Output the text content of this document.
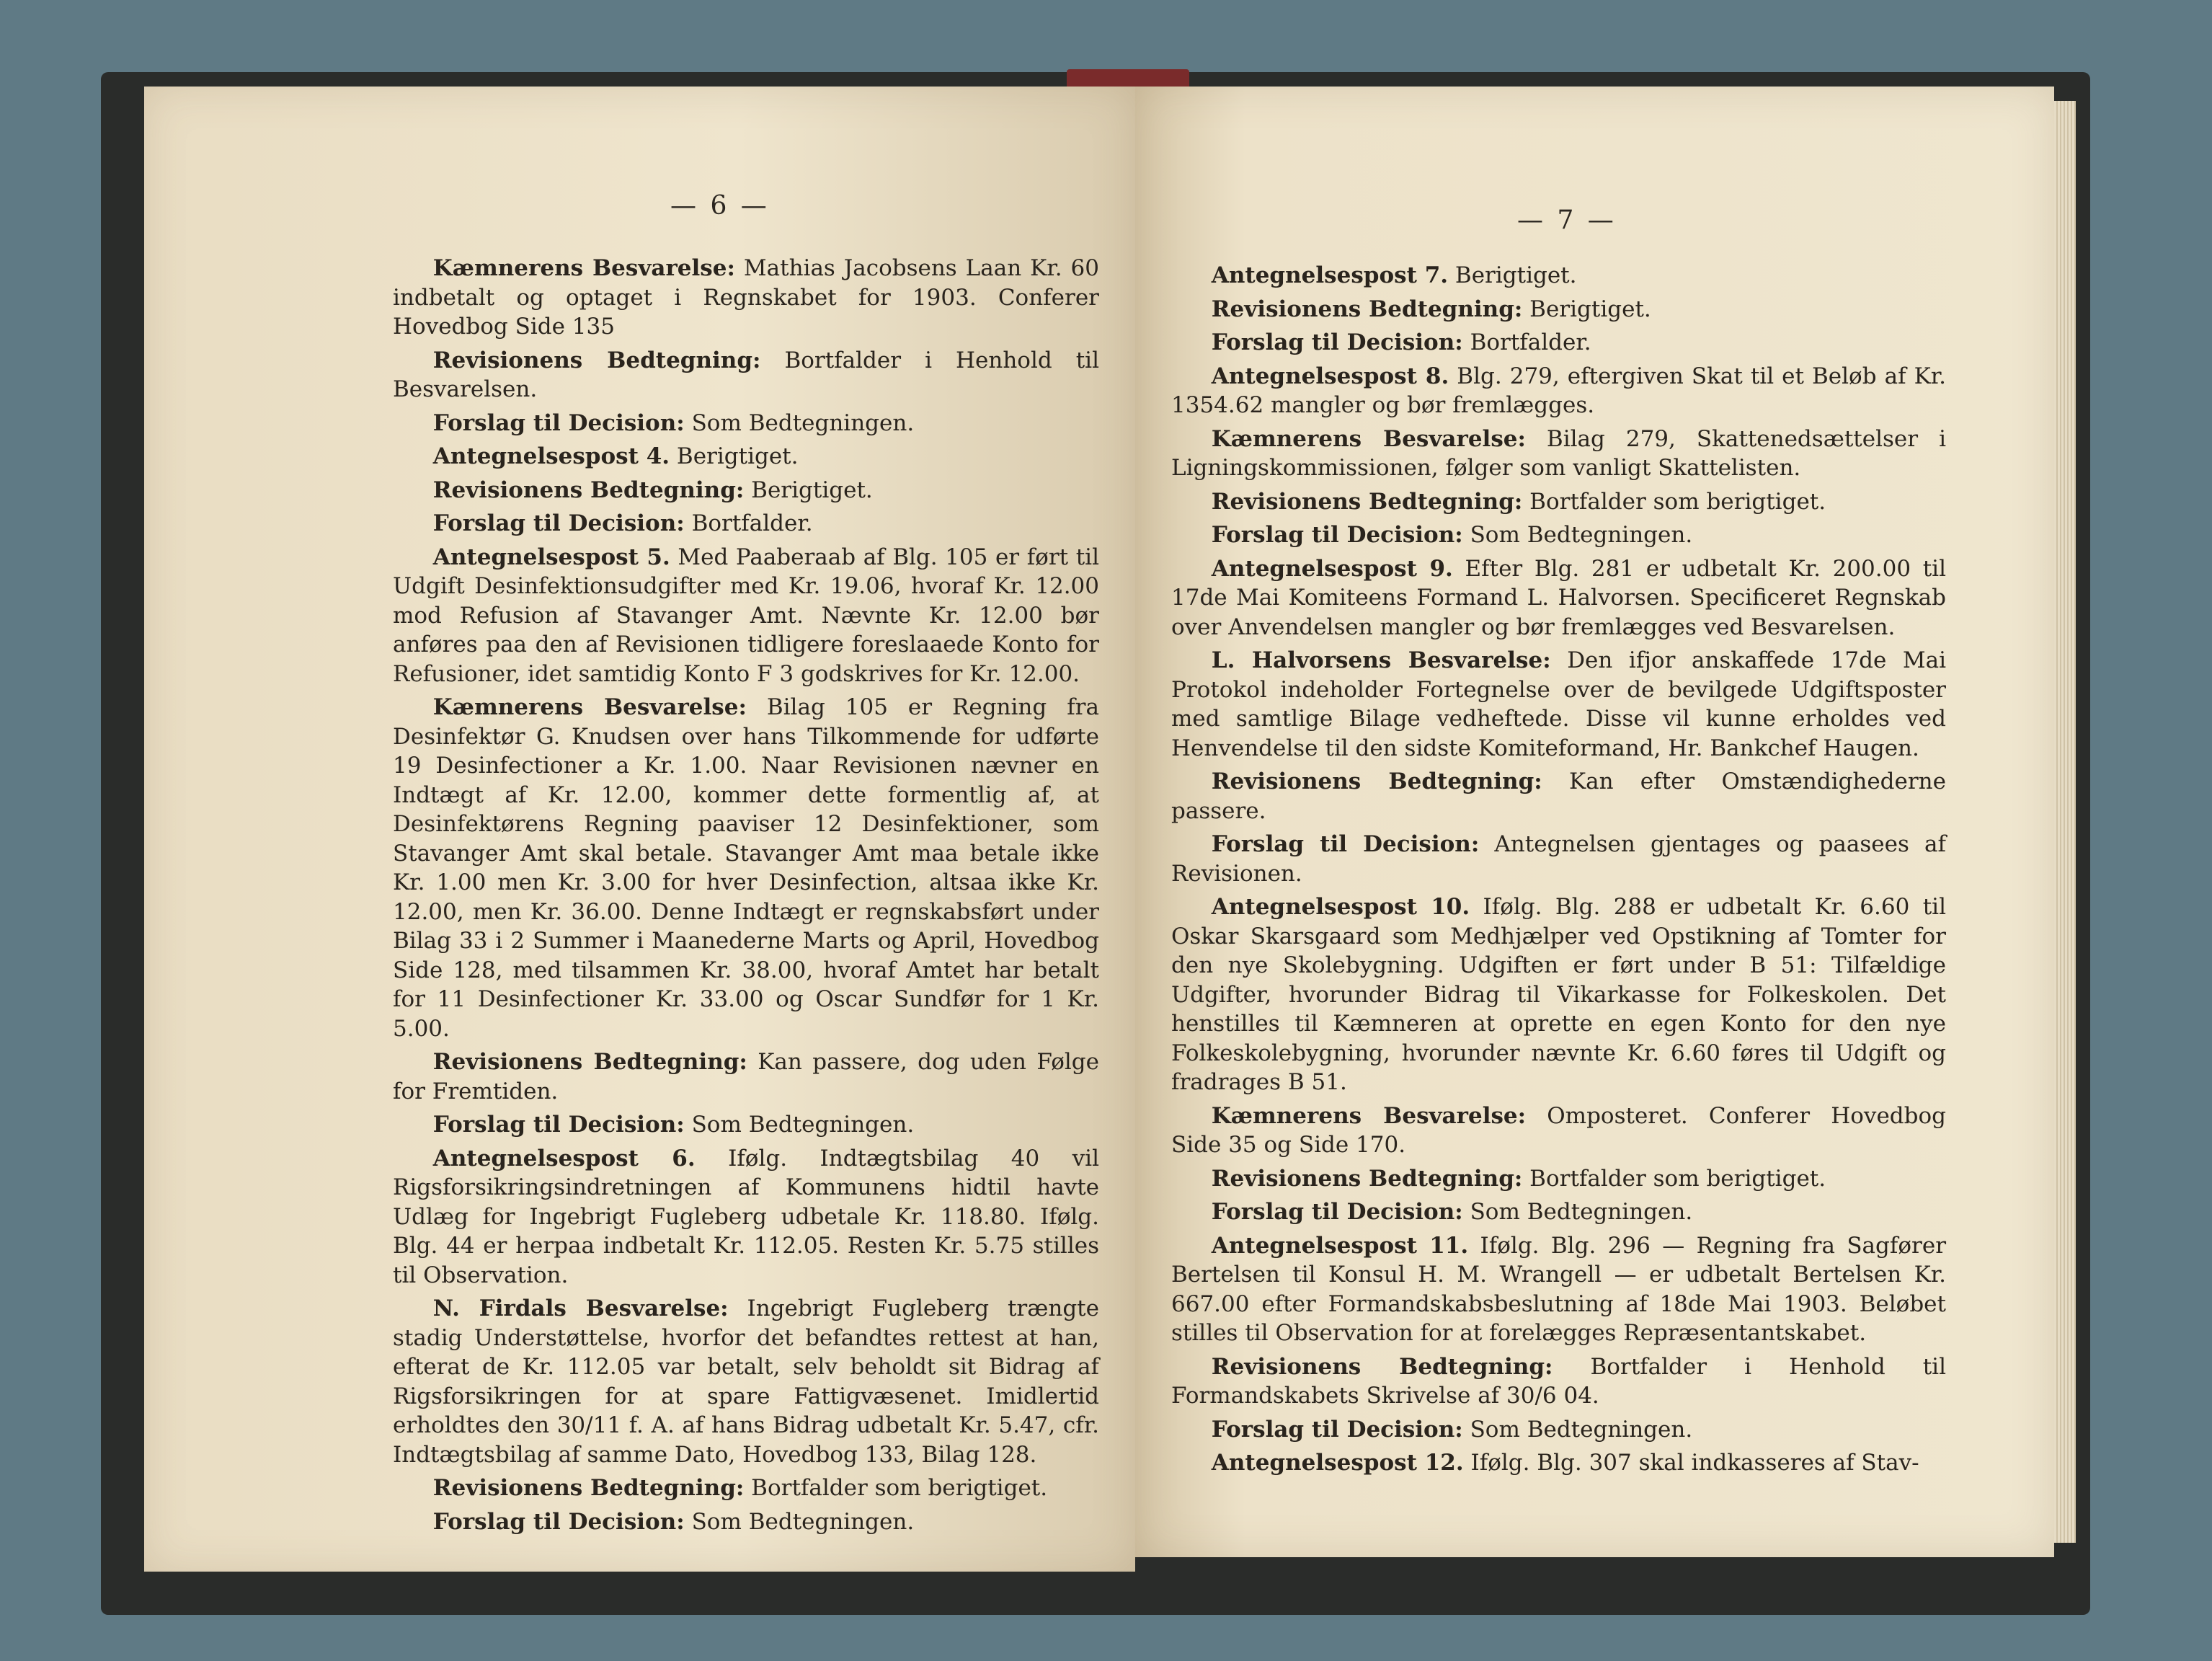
— 6 —	— 7 —
Kæmnerens Besvarelse: Mathias Jacobsens Laan Kr. 60 indbetalt og optaget i Regnskabet for 1903. Conferer Hovedbog Side 135
Revisionens Bedtegning: Bortfalder i Henhold til Besvarelsen.
Forslag til Decision: Som Bedtegningen.
Antegnelsespost 4. Berigtiget.
Revisionens Bedtegning: Berigtiget.
Forslag til Decision: Bortfalder.
Antegnelsespost 5. Med Paaberaab af Blg. 105 er ført til Udgift Desinfektionsudgifter med Kr. 19.06, hvoraf Kr. 12.00 mod Refusion af Stavanger Amt. Nævnte Kr. 12.00 bør anføres paa den af Revisionen tidligere foreslaaede Konto for Refusioner, idet samtidig Konto F 3 godskrives for Kr. 12.00.
Kæmnerens Besvarelse: Bilag 105 er Regning fra Desinfektør G. Knudsen over hans Tilkommende for udførte 19 Desinfectioner a Kr. 1.00. Naar Revisionen nævner en Indtægt af Kr. 12.00, kommer dette formentlig af, at Desinfektørens Regning paaviser 12 Desinfektioner, som Stavanger Amt skal betale. Stavanger Amt maa betale ikke Kr. 1.00 men Kr. 3.00 for hver Desinfection, altsaa ikke Kr. 12.00, men Kr. 36.00. Denne Indtægt er regnskabsført under Bilag 33 i 2 Summer i Maanederne Marts og April, Hovedbog Side 128, med tilsammen Kr. 38.00, hvoraf Amtet har betalt for 11 Desinfectioner Kr. 33.00 og Oscar Sundfør for 1 Kr. 5.00.
Revisionens Bedtegning: Kan passere, dog uden Følge for Fremtiden.
Forslag til Decision: Som Bedtegningen.
Antegnelsespost 6. Ifølg. Indtægtsbilag 40 vil Rigsforsikringsindretningen af Kommunens hidtil havte Udlæg for Ingebrigt Fugleberg udbetale Kr. 118.80. Ifølg. Blg. 44 er herpaa indbetalt Kr. 112.05. Resten Kr. 5.75 stilles til Observation.
N. Firdals Besvarelse: Ingebrigt Fugleberg trængte stadig Understøttelse, hvorfor det befandtes rettest at han, efterat de Kr. 112.05 var betalt, selv beholdt sit Bidrag af Rigsforsikringen for at spare Fattigvæsenet. Imidlertid erholdtes den 30/11 f. A. af hans Bidrag udbetalt Kr. 5.47, cfr. Indtægtsbilag af samme Dato, Hovedbog 133, Bilag 128.
Revisionens Bedtegning: Bortfalder som berigtiget.
Forslag til Decision: Som Bedtegningen.
Antegnelsespost 7. Berigtiget.
Revisionens Bedtegning: Berigtiget.
Forslag til Decision: Bortfalder.
Antegnelsespost 8. Blg. 279, eftergiven Skat til et Beløb af Kr. 1354.62 mangler og bør fremlægges.
Kæmnerens Besvarelse: Bilag 279, Skattenedsættelser i Ligningskommissionen, følger som vanligt Skattelisten.
Revisionens Bedtegning: Bortfalder som berigtiget.
Forslag til Decision: Som Bedtegningen.
Antegnelsespost 9. Efter Blg. 281 er udbetalt Kr. 200.00 til 17de Mai Komiteens Formand L. Halvorsen. Specificeret Regnskab over Anvendelsen mangler og bør fremlægges ved Besvarelsen.
L. Halvorsens Besvarelse: Den ifjor anskaffede 17de Mai Protokol indeholder Fortegnelse over de bevilgede Udgiftsposter med samtlige Bilage vedheftede. Disse vil kunne erholdes ved Henvendelse til den sidste Komiteformand, Hr. Bankchef Haugen.
Revisionens Bedtegning: Kan efter Omstændighederne passere.
Forslag til Decision: Antegnelsen gjentages og paasees af Revisionen.
Antegnelsespost 10. Ifølg. Blg. 288 er udbetalt Kr. 6.60 til Oskar Skarsgaard som Medhjælper ved Opstikning af Tomter for den nye Skolebygning. Udgiften er ført under B 51: Tilfældige Udgifter, hvorunder Bidrag til Vikarkasse for Folkeskolen. Det henstilles til Kæmneren at oprette en egen Konto for den nye Folkeskolebygning, hvorunder nævnte Kr. 6.60 føres til Udgift og fradrages B 51.
Kæmnerens Besvarelse: Omposteret. Conferer Hovedbog Side 35 og Side 170.
Revisionens Bedtegning: Bortfalder som berigtiget.
Forslag til Decision: Som Bedtegningen.
Antegnelsespost 11. Ifølg. Blg. 296 — Regning fra Sagfører Bertelsen til Konsul H. M. Wrangell — er udbetalt Bertelsen Kr. 667.00 efter Formandskabsbeslutning af 18de Mai 1903. Beløbet stilles til Observation for at forelægges Repræsentantskabet.
Revisionens Bedtegning: Bortfalder i Henhold til Formandskabets Skrivelse af 30/6 04.
Forslag til Decision: Som Bedtegningen.
Antegnelsespost 12. Ifølg. Blg. 307 skal indkasseres af Stav-
